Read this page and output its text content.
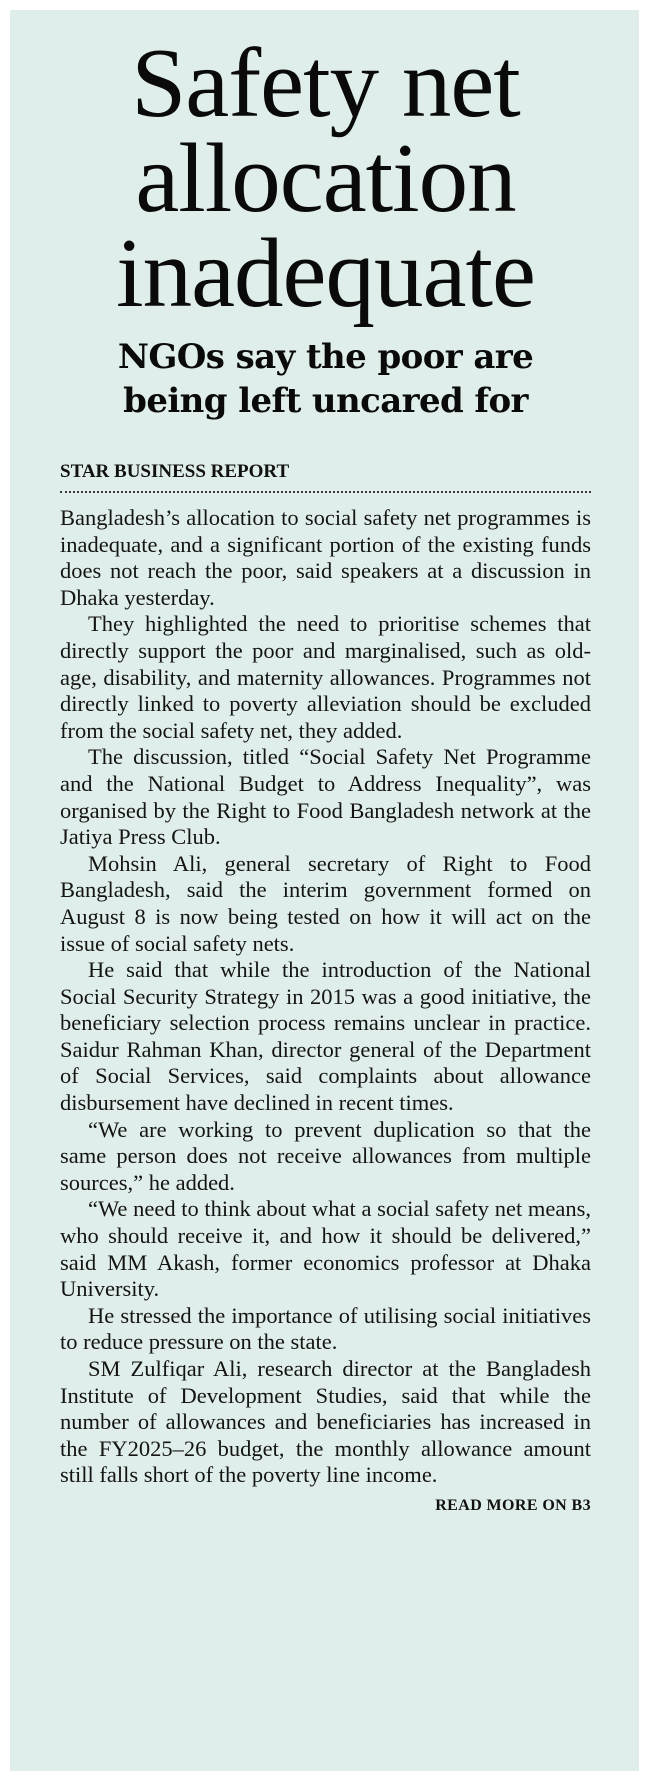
Safety net
allocation
inadequate
NGOs say the poor are
being left uncared for
STAR BUSINESS REPORT

Bangladesh’s allocation to social safety net programmes is inadequate, and a significant portion of the existing funds does not reach the poor, said speakers at a discussion in Dhaka yesterday.

They highlighted the need to prioritise schemes that directly support the poor and marginalised, such as old-age, disability, and maternity allowances. Programmes not directly linked to poverty alleviation should be excluded from the social safety net, they added.

The discussion, titled “Social Safety Net Programme and the National Budget to Address Inequality”, was organised by the Right to Food Bangladesh network at the Jatiya Press Club.

Mohsin Ali, general secretary of Right to Food Bangladesh, said the interim government formed on August 8 is now being tested on how it will act on the issue of social safety nets.

He said that while the introduction of the National Social Security Strategy in 2015 was a good initiative, the beneficiary selection process remains unclear in practice. Saidur Rahman Khan, director general of the Department of Social Services, said complaints about allowance disbursement have declined in recent times.

“We are working to prevent duplication so that the same person does not receive allowances from multiple sources,” he added.

“We need to think about what a social safety net means, who should receive it, and how it should be delivered,” said MM Akash, former economics professor at Dhaka University.

He stressed the importance of utilising social initiatives to reduce pressure on the state.

SM Zulfiqar Ali, research director at the Bangladesh Institute of Development Studies, said that while the number of allowances and beneficiaries has increased in the FY2025–26 budget, the monthly allowance amount still falls short of the poverty line income.

READ MORE ON B3
